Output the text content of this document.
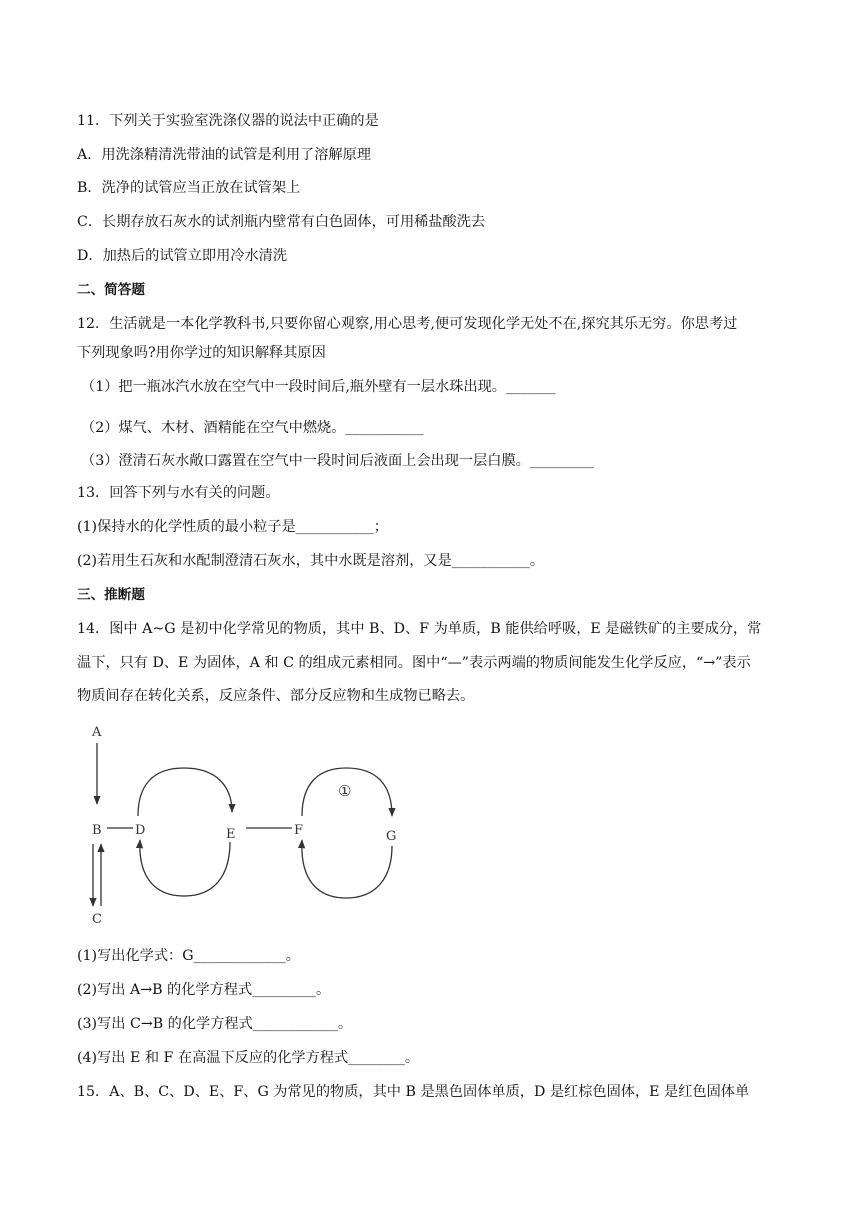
11．下列关于实验室洗涤仪器的说法中正确的是
A．用洗涤精清洗带油的试管是利用了溶解原理
B．洗净的试管应当正放在试管架上
C．长期存放石灰水的试剂瓶内壁常有白色固体，可用稀盐酸洗去
D．加热后的试管立即用冷水清洗
二、简答题
12．生活就是一本化学教科书,只要你留心观察,用心思考,便可发现化学无处不在,探究其乐无穷。你思考过
下列现象吗?用你学过的知识解释其原因
（1）把一瓶冰汽水放在空气中一段时间后,瓶外壁有一层水珠出现。_______
（2）煤气、木材、酒精能在空气中燃烧。___________
（3）澄清石灰水敞口露置在空气中一段时间后液面上会出现一层白膜。_________
13．回答下列与水有关的问题。
(1)保持水的化学性质的最小粒子是___________；
(2)若用生石灰和水配制澄清石灰水，其中水既是溶剂，又是___________。
三、推断题
14．图中 A~G 是初中化学常见的物质，其中 B、D、F 为单质，B 能供给呼吸，E 是磁铁矿的主要成分，常
温下，只有 D、E 为固体，A 和 C 的组成元素相同。图中“—”表示两端的物质间能发生化学反应，“→”表示
物质间存在转化关系，反应条件、部分反应物和生成物已略去。
A
B
C
D	E	F	G
①
(1)写出化学式：G_____________。
(2)写出 A→B 的化学方程式_________。
(3)写出 C→B 的化学方程式____________。
(4)写出 E 和 F 在高温下反应的化学方程式________。
15．A、B、C、D、E、F、G 为常见的物质，其中 B 是黑色固体单质，D 是红棕色固体，E 是红色固体单
